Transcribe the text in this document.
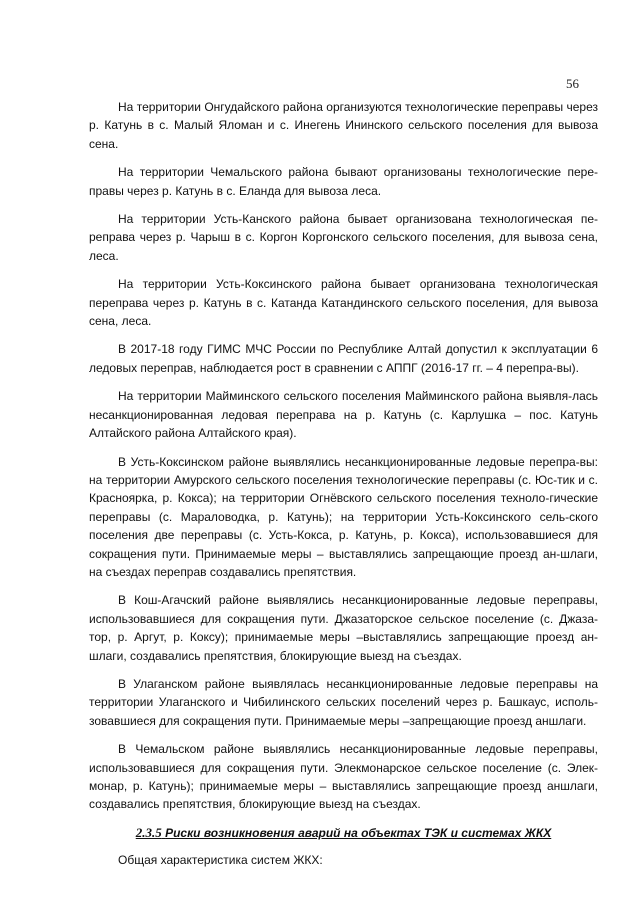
56

На территории Онгудайского района организуются технологические переправы через р. Катунь в с. Малый Яломан и с. Инегень Ининского сельского поселения для вывоза сена.

На территории Чемальского района бывают организованы технологические пере-правы через р. Катунь в с. Еланда для вывоза леса.

На территории Усть-Канского района бывает организована технологическая пе-реправа через р. Чарыш в с. Коргон Коргонского сельского поселения, для вывоза сена, леса.

На территории Усть-Коксинского района бывает организована технологическая переправа через р. Катунь в с. Катанда Катандинского сельского поселения, для вывоза сена, леса.

В 2017-18 году ГИМС МЧС России по Республике Алтай допустил к эксплуатации 6 ледовых переправ, наблюдается рост в сравнении с АППГ (2016-17 гг. – 4 перепра-вы).

На территории Майминского сельского поселения Майминского района выявля-лась несанкционированная ледовая переправа на р. Катунь (с. Карлушка – пос. Катунь Алтайского района Алтайского края).

В Усть-Коксинском районе выявлялись несанкционированные ледовые перепра-вы: на территории Амурского сельского поселения технологические переправы (с. Юс-тик и с. Красноярка, р. Кокса); на территории Огнёвского сельского поселения техноло-гические переправы (с. Мараловодка, р. Катунь); на территории Усть-Коксинского сель-ского поселения две переправы (с. Усть-Кокса, р. Катунь, р. Кокса), использовавшиеся для сокращения пути. Принимаемые меры – выставлялись запрещающие проезд ан-шлаги, на съездах переправ создавались препятствия.

В Кош-Агачский районе выявлялись несанкционированные ледовые переправы, использовавшиеся для сокращения пути. Джазаторское сельское поселение (с. Джаза-тор, р. Аргут, р. Коксу); принимаемые меры –выставлялись запрещающие проезд ан-шлаги, создавались препятствия, блокирующие выезд на съездах.

В Улаганском районе выявлялась несанкционированные ледовые переправы на территории Улаганского и Чибилинского сельских поселений через р. Башкаус, исполь-зовавшиеся для сокращения пути. Принимаемые меры –запрещающие проезд аншлаги.

В Чемальском районе выявлялись несанкционированные ледовые переправы, использовавшиеся для сокращения пути. Элекмонарское сельское поселение (с. Элек-монар, р. Катунь); принимаемые меры – выставлялись запрещающие проезд аншлаги, создавались препятствия, блокирующие выезд на съездах.

2.3.5 Риски возникновения аварий на объектах ТЭК и системах ЖКХ

Общая характеристика систем ЖКХ:
